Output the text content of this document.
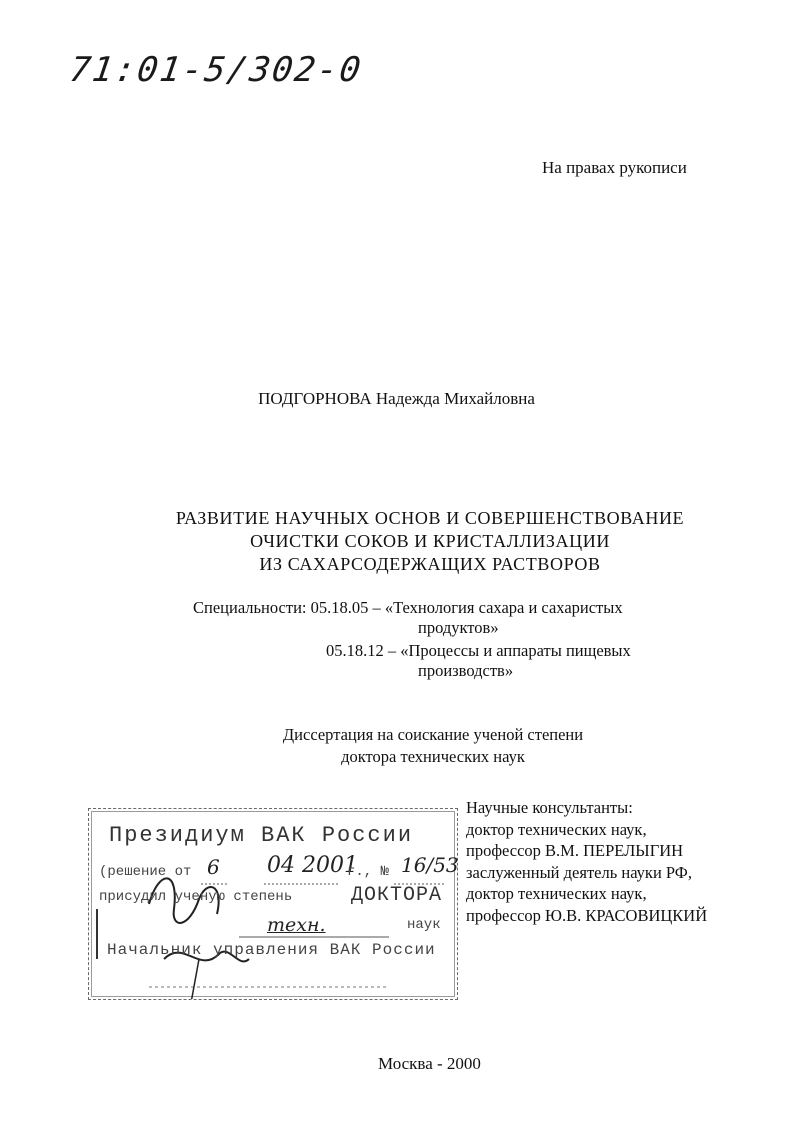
71:01-5/302-0
На правах рукописи
ПОДГОРНОВА Надежда Михайловна
РАЗВИТИЕ НАУЧНЫХ ОСНОВ И СОВЕРШЕНСТВОВАНИЕ
ОЧИСТКИ СОКОВ И КРИСТАЛЛИЗАЦИИ
ИЗ САХАРСОДЕРЖАЩИХ РАСТВОРОВ
Специальности: 05.18.05 – «Технология сахара и сахаристых
продуктов»
05.18.12 – «Процессы и аппараты пищевых
производств»
Диссертация на соискание ученой степени
доктора технических наук
Научные консультанты:
доктор технических наук,
профессор В.М. ПЕРЕЛЫГИН
заслуженный деятель науки РФ,
доктор технических наук,
профессор Ю.В. КРАСОВИЦКИЙ
Президиум ВАК России
(решение от 6 04 2001
г., № 16/53
присудил ученую степень	ДОКТОРА
техн.	наук
Начальник управления ВАК России
Москва - 2000
